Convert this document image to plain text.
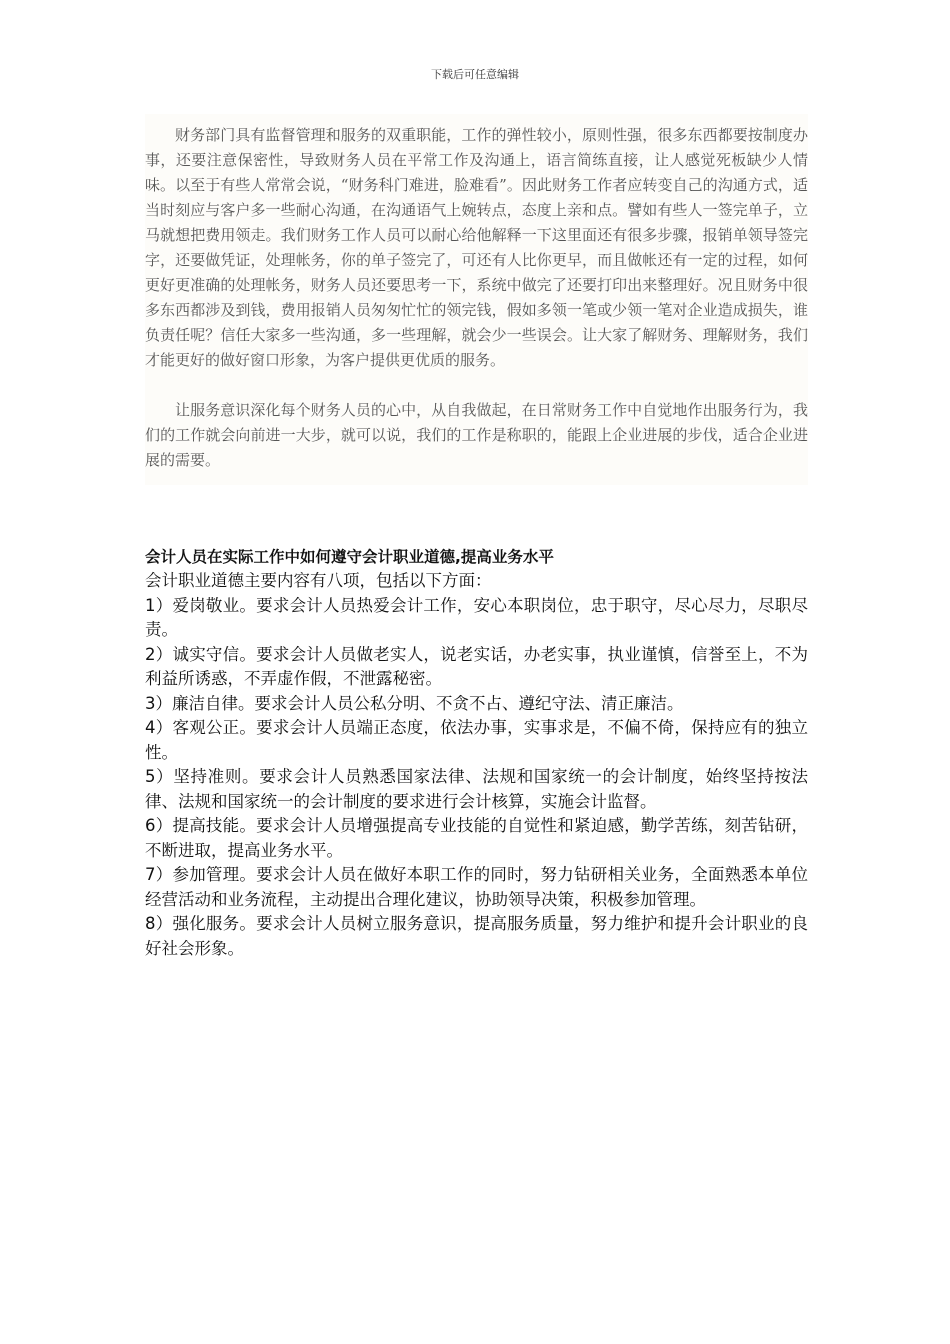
下载后可任意编辑

财务部门具有监督管理和服务的双重职能，工作的弹性较小，原则性强，很多东西都要按制度办事，还要注意保密性，导致财务人员在平常工作及沟通上，语言简练直接，让人感觉死板缺少人情味。以至于有些人常常会说，“财务科门难进，脸难看”。因此财务工作者应转变自己的沟通方式，适当时刻应与客户多一些耐心沟通，在沟通语气上婉转点，态度上亲和点。譬如有些人一签完单子，立马就想把费用领走。我们财务工作人员可以耐心给他解释一下这里面还有很多步骤，报销单领导签完字，还要做凭证，处理帐务，你的单子签完了，可还有人比你更早，而且做帐还有一定的过程，如何更好更准确的处理帐务，财务人员还要思考一下，系统中做完了还要打印出来整理好。况且财务中很多东西都涉及到钱，费用报销人员匆匆忙忙的领完钱，假如多领一笔或少领一笔对企业造成损失，谁负责任呢？信任大家多一些沟通，多一些理解，就会少一些误会。让大家了解财务、理解财务，我们才能更好的做好窗口形象，为客户提供更优质的服务。

让服务意识深化每个财务人员的心中，从自我做起，在日常财务工作中自觉地作出服务行为，我们的工作就会向前进一大步，就可以说，我们的工作是称职的，能跟上企业进展的步伐，适合企业进展的需要。

会计人员在实际工作中如何遵守会计职业道德,提高业务水平

会计职业道德主要内容有八项，包括以下方面：

1）爱岗敬业。要求会计人员热爱会计工作，安心本职岗位，忠于职守，尽心尽力，尽职尽责。

2）诚实守信。要求会计人员做老实人，说老实话，办老实事，执业谨慎，信誉至上，不为利益所诱惑，不弄虚作假，不泄露秘密。

3）廉洁自律。要求会计人员公私分明、不贪不占、遵纪守法、清正廉洁。

4）客观公正。要求会计人员端正态度，依法办事，实事求是，不偏不倚，保持应有的独立性。

5）坚持准则。要求会计人员熟悉国家法律、法规和国家统一的会计制度，始终坚持按法律、法规和国家统一的会计制度的要求进行会计核算，实施会计监督。

6）提高技能。要求会计人员增强提高专业技能的自觉性和紧迫感，勤学苦练，刻苦钻研，不断进取，提高业务水平。

7）参加管理。要求会计人员在做好本职工作的同时，努力钻研相关业务，全面熟悉本单位经营活动和业务流程，主动提出合理化建议，协助领导决策，积极参加管理。

8）强化服务。要求会计人员树立服务意识，提高服务质量，努力维护和提升会计职业的良好社会形象。
